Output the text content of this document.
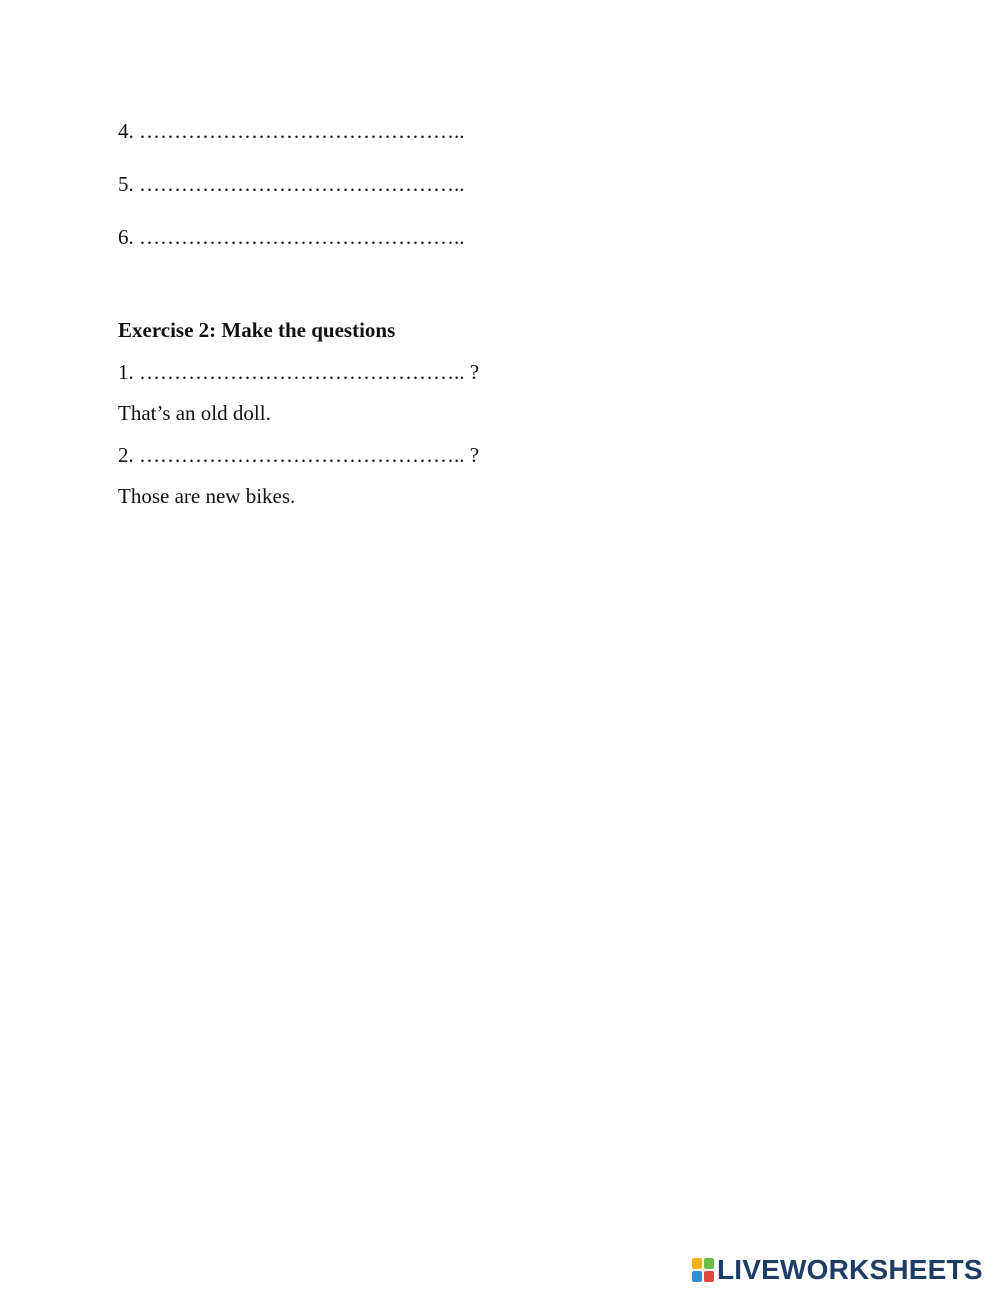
4. ………………………………………..
5. ………………………………………..
6. ………………………………………..
Exercise 2: Make the questions
1. ……………………………………….. ?
That’s an old doll.
2. ……………………………………….. ?
Those are new bikes.
LIVEWORKSHEETS
